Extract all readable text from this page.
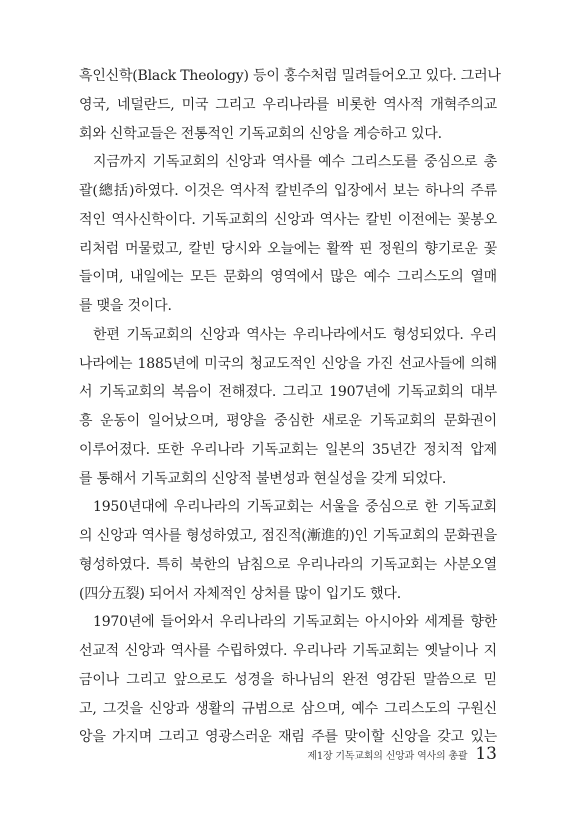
흑인신학(Black Theology) 등이 홍수처럼 밀려들어오고 있다. 그러나
영국, 네덜란드, 미국 그리고 우리나라를 비롯한 역사적 개혁주의교
회와 신학교들은 전통적인 기독교회의 신앙을 계승하고 있다.
지금까지 기독교회의 신앙과 역사를 예수 그리스도를 중심으로 총
괄(總括)하였다. 이것은 역사적 칼빈주의 입장에서 보는 하나의 주류
적인 역사신학이다. 기독교회의 신앙과 역사는 칼빈 이전에는 꽃봉오
리처럼 머물렀고, 칼빈 당시와 오늘에는 활짝 핀 정원의 향기로운 꽃
들이며, 내일에는 모든 문화의 영역에서 많은 예수 그리스도의 열매
를 맺을 것이다.
한편 기독교회의 신앙과 역사는 우리나라에서도 형성되었다. 우리
나라에는 1885년에 미국의 청교도적인 신앙을 가진 선교사들에 의해
서 기독교회의 복음이 전해졌다. 그리고 1907년에 기독교회의 대부
흥 운동이 일어났으며, 평양을 중심한 새로운 기독교회의 문화권이
이루어졌다. 또한 우리나라 기독교회는 일본의 35년간 정치적 압제
를 통해서 기독교회의 신앙적 불변성과 현실성을 갖게 되었다.
1950년대에 우리나라의 기독교회는 서울을 중심으로 한 기독교회
의 신앙과 역사를 형성하였고, 점진적(漸進的)인 기독교회의 문화권을
형성하였다. 특히 북한의 남침으로 우리나라의 기독교회는 사분오열
(四分五裂) 되어서 자체적인 상처를 많이 입기도 했다.
1970년에 들어와서 우리나라의 기독교회는 아시아와 세계를 향한
선교적 신앙과 역사를 수립하였다. 우리나라 기독교회는 옛날이나 지
금이나 그리고 앞으로도 성경을 하나님의 완전 영감된 말씀으로 믿
고, 그것을 신앙과 생활의 규범으로 삼으며, 예수 그리스도의 구원신
앙을 가지며 그리고 영광스러운 재림 주를 맞이할 신앙을 갖고 있는
제1장 기독교회의 신앙과 역사의 총괄 13
